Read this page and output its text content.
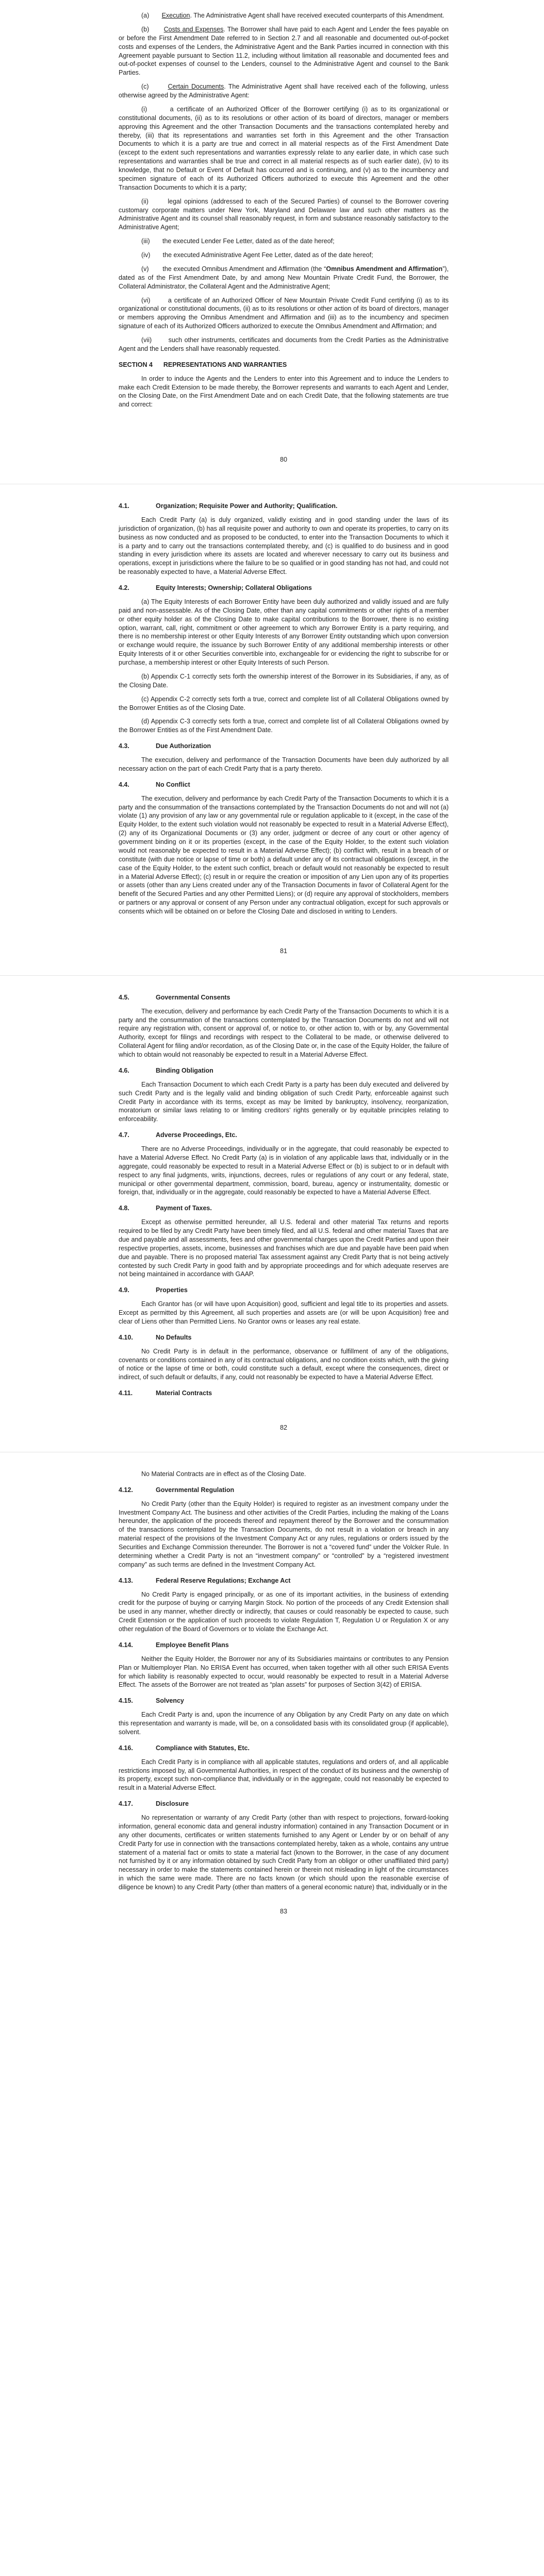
(a) Execution. The Administrative Agent shall have received executed counterparts of this Amendment.

(b) Costs and Expenses. The Borrower shall have paid to each Agent and Lender the fees payable on or before the First Amendment Date referred to in Section 2.7 and all reasonable and documented out-of-pocket costs and expenses of the Lenders, the Administrative Agent and the Bank Parties incurred in connection with this Agreement payable pursuant to Section 11.2, including without limitation all reasonable and documented fees and out-of-pocket expenses of counsel to the Lenders, counsel to the Administrative Agent and counsel to the Bank Parties.

(c)	Certain Documents. The Administrative Agent shall have received each of the following, unless otherwise agreed by the Administrative Agent:

(i)	a certificate of an Authorized Officer of the Borrower certifying (i) as to its organizational or constitutional documents, (ii) as to its resolutions or other action of its board of directors, manager or members approving this Agreement and the other Transaction Documents and the transactions contemplated hereby and thereby, (iii) that its representations and warranties set forth in this Agreement and the other Transaction Documents to which it is a party are true and correct in all material respects as of the First Amendment Date (except to the extent such representations and warranties expressly relate to any earlier date, in which case such representations and warranties shall be true and correct in all material respects as of such earlier date), (iv) to its knowledge, that no Default or Event of Default has occurred and is continuing, and (v) as to the incumbency and specimen signature of each of its Authorized Officers authorized to execute this Agreement and the other Transaction Documents to which it is a party;

(ii)	legal opinions (addressed to each of the Secured Parties) of counsel to the Borrower covering customary corporate matters under New York, Maryland and Delaware law and such other matters as the Administrative Agent and its counsel shall reasonably request, in form and substance reasonably satisfactory to the Administrative Agent;

(iii) the executed Lender Fee Letter, dated as of the date hereof;

(iv) the executed Administrative Agent Fee Letter, dated as of the date hereof;

(v) the executed Omnibus Amendment and Affirmation (the “Omnibus Amendment and Affirmation”), dated as of the First Amendment Date, by and among New Mountain Private Credit Fund, the Borrower, the Collateral Administrator, the Collateral Agent and the Administrative Agent;

(vi)	a certificate of an Authorized Officer of New Mountain Private Credit Fund certifying (i) as to its organizational or constitutional documents, (ii) as to its resolutions or other action of its board of directors, manager or members approving the Omnibus Amendment and Affirmation and (iii) as to the incumbency and specimen signature of each of its Authorized Officers authorized to execute the Omnibus Amendment and Affirmation; and

(vii)	such other instruments, certificates and documents from the Credit Parties as the Administrative Agent and the Lenders shall have reasonably requested.

SECTION 4 REPRESENTATIONS AND WARRANTIES

In order to induce the Agents and the Lenders to enter into this Agreement and to induce the Lenders to make each Credit Extension to be made thereby, the Borrower represents and warrants to each Agent and Lender, on the Closing Date, on the First Amendment Date and on each Credit Date, that the following statements are true and correct:

80
4.1.	Organization; Requisite Power and Authority; Qualification.

Each Credit Party (a) is duly organized, validly existing and in good standing under the laws of its jurisdiction of organization, (b) has all requisite power and authority to own and operate its properties, to carry on its business as now conducted and as proposed to be conducted, to enter into the Transaction Documents to which it is a party and to carry out the transactions contemplated thereby, and (c) is qualified to do business and in good standing in every jurisdiction where its assets are located and wherever necessary to carry out its business and operations, except in jurisdictions where the failure to be so qualified or in good standing has not had, and could not be reasonably expected to have, a Material Adverse Effect.

4.2.	Equity Interests; Ownership; Collateral Obligations

(a) The Equity Interests of each Borrower Entity have been duly authorized and validly issued and are fully paid and non-assessable. As of the Closing Date, other than any capital commitments or other rights of a member or other equity holder as of the Closing Date to make capital contributions to the Borrower, there is no existing option, warrant, call, right, commitment or other agreement to which any Borrower Entity is a party requiring, and there is no membership interest or other Equity Interests of any Borrower Entity outstanding which upon conversion or exchange would require, the issuance by such Borrower Entity of any additional membership interests or other Equity Interests of it or other Securities convertible into, exchangeable for or evidencing the right to subscribe for or purchase, a membership interest or other Equity Interests of such Person.

(b) Appendix C-1 correctly sets forth the ownership interest of the Borrower in its Subsidiaries, if any, as of the Closing Date.

(c) Appendix C-2 correctly sets forth a true, correct and complete list of all Collateral Obligations owned by the Borrower Entities as of the Closing Date.

(d) Appendix C-3 correctly sets forth a true, correct and complete list of all Collateral Obligations owned by the Borrower Entities as of the First Amendment Date.

4.3.	Due Authorization

The execution, delivery and performance of the Transaction Documents have been duly authorized by all necessary action on the part of each Credit Party that is a party thereto.

4.4.	No Conflict

The execution, delivery and performance by each Credit Party of the Transaction Documents to which it is a party and the consummation of the transactions contemplated by the Transaction Documents do not and will not (a) violate (1) any provision of any law or any governmental rule or regulation applicable to it (except, in the case of the Equity Holder, to the extent such violation would not reasonably be expected to result in a Material Adverse Effect), (2) any of its Organizational Documents or (3) any order, judgment or decree of any court or other agency of government binding on it or its properties (except, in the case of the Equity Holder, to the extent such violation would not reasonably be expected to result in a Material Adverse Effect); (b) conflict with, result in a breach of or constitute (with due notice or lapse of time or both) a default under any of its contractual obligations (except, in the case of the Equity Holder, to the extent such conflict, breach or default would not reasonably be expected to result in a Material Adverse Effect); (c) result in or require the creation or imposition of any Lien upon any of its properties or assets (other than any Liens created under any of the Transaction Documents in favor of Collateral Agent for the benefit of the Secured Parties and any other Permitted Liens); or (d) require any approval of stockholders, members or partners or any approval or consent of any Person under any contractual obligation, except for such approvals or consents which will be obtained on or before the Closing Date and disclosed in writing to Lenders.

81
4.5.	Governmental Consents

The execution, delivery and performance by each Credit Party of the Transaction Documents to which it is a party and the consummation of the transactions contemplated by the Transaction Documents do not and will not require any registration with, consent or approval of, or notice to, or other action to, with or by, any Governmental Authority, except for filings and recordings with respect to the Collateral to be made, or otherwise delivered to Collateral Agent for filing and/or recordation, as of the Closing Date or, in the case of the Equity Holder, the failure of which to obtain would not reasonably be expected to result in a Material Adverse Effect.

4.6.	Binding Obligation

Each Transaction Document to which each Credit Party is a party has been duly executed and delivered by such Credit Party and is the legally valid and binding obligation of such Credit Party, enforceable against such Credit Party in accordance with its terms, except as may be limited by bankruptcy, insolvency, reorganization, moratorium or similar laws relating to or limiting creditors’ rights generally or by equitable principles relating to enforceability.

4.7.	Adverse Proceedings, Etc.

There are no Adverse Proceedings, individually or in the aggregate, that could reasonably be expected to have a Material Adverse Effect. No Credit Party (a) is in violation of any applicable laws that, individually or in the aggregate, could reasonably be expected to result in a Material Adverse Effect or (b) is subject to or in default with respect to any final judgments, writs, injunctions, decrees, rules or regulations of any court or any federal, state, municipal or other governmental department, commission, board, bureau, agency or instrumentality, domestic or foreign, that, individually or in the aggregate, could reasonably be expected to have a Material Adverse Effect.

4.8.	Payment of Taxes.

Except as otherwise permitted hereunder, all U.S. federal and other material Tax returns and reports required to be filed by any Credit Party have been timely filed, and all U.S. federal and other material Taxes that are due and payable and all assessments, fees and other governmental charges upon the Credit Parties and upon their respective properties, assets, income, businesses and franchises which are due and payable have been paid when due and payable. There is no proposed material Tax assessment against any Credit Party that is not being actively contested by such Credit Party in good faith and by appropriate proceedings and for which adequate reserves are not being maintained in accordance with GAAP.

4.9.	Properties

Each Grantor has (or will have upon Acquisition) good, sufficient and legal title to its properties and assets. Except as permitted by this Agreement, all such properties and assets are (or will be upon Acquisition) free and clear of Liens other than Permitted Liens. No Grantor owns or leases any real estate.

4.10.	No Defaults

No Credit Party is in default in the performance, observance or fulfillment of any of the obligations, covenants or conditions contained in any of its contractual obligations, and no condition exists which, with the giving of notice or the lapse of time or both, could constitute such a default, except where the consequences, direct or indirect, of such default or defaults, if any, could not reasonably be expected to have a Material Adverse Effect.

4.11.	Material Contracts
82

No Material Contracts are in effect as of the Closing Date.

4.12.	Governmental Regulation

No Credit Party (other than the Equity Holder) is required to register as an investment company under the Investment Company Act. The business and other activities of the Credit Parties, including the making of the Loans hereunder, the application of the proceeds thereof and repayment thereof by the Borrower and the consummation of the transactions contemplated by the Transaction Documents, do not result in a violation or breach in any material respect of the provisions of the Investment Company Act or any rules, regulations or orders issued by the Securities and Exchange Commission thereunder. The Borrower is not a “covered fund” under the Volcker Rule. In determining whether a Credit Party is not an “investment company” or “controlled” by a “registered investment company” as such terms are defined in the Investment Company Act.

4.13.	Federal Reserve Regulations; Exchange Act

No Credit Party is engaged principally, or as one of its important activities, in the business of extending credit for the purpose of buying or carrying Margin Stock. No portion of the proceeds of any Credit Extension shall be used in any manner, whether directly or indirectly, that causes or could reasonably be expected to cause, such Credit Extension or the application of such proceeds to violate Regulation T, Regulation U or Regulation X or any other regulation of the Board of Governors or to violate the Exchange Act.

4.14.	Employee Benefit Plans

Neither the Equity Holder, the Borrower nor any of its Subsidiaries maintains or contributes to any Pension Plan or Multiemployer Plan. No ERISA Event has occurred, when taken together with all other such ERISA Events for which liability is reasonably expected to occur, would reasonably be expected to result in a Material Adverse Effect. The assets of the Borrower are not treated as “plan assets” for purposes of Section 3(42) of ERISA.

4.15.	Solvency

Each Credit Party is and, upon the incurrence of any Obligation by any Credit Party on any date on which this representation and warranty is made, will be, on a consolidated basis with its consolidated group (if applicable), solvent.

4.16.	Compliance with Statutes, Etc.

Each Credit Party is in compliance with all applicable statutes, regulations and orders of, and all applicable restrictions imposed by, all Governmental Authorities, in respect of the conduct of its business and the ownership of its property, except such non-compliance that, individually or in the aggregate, could not reasonably be expected to result in a Material Adverse Effect.

4.17.	Disclosure

No representation or warranty of any Credit Party (other than with respect to projections, forward-looking information, general economic data and general industry information) contained in any Transaction Document or in any other documents, certificates or written statements furnished to any Agent or Lender by or on behalf of any Credit Party for use in connection with the transactions contemplated hereby, taken as a whole, contains any untrue statement of a material fact or omits to state a material fact (known to the Borrower, in the case of any document not furnished by it or any information obtained by such Credit Party from an obligor or other unaffiliated third party) necessary in order to make the statements contained herein or therein not misleading in light of the circumstances in which the same were made. There are no facts known (or which should upon the reasonable exercise of diligence be known) to any Credit Party (other than matters of a general economic nature) that, individually or in the

83
